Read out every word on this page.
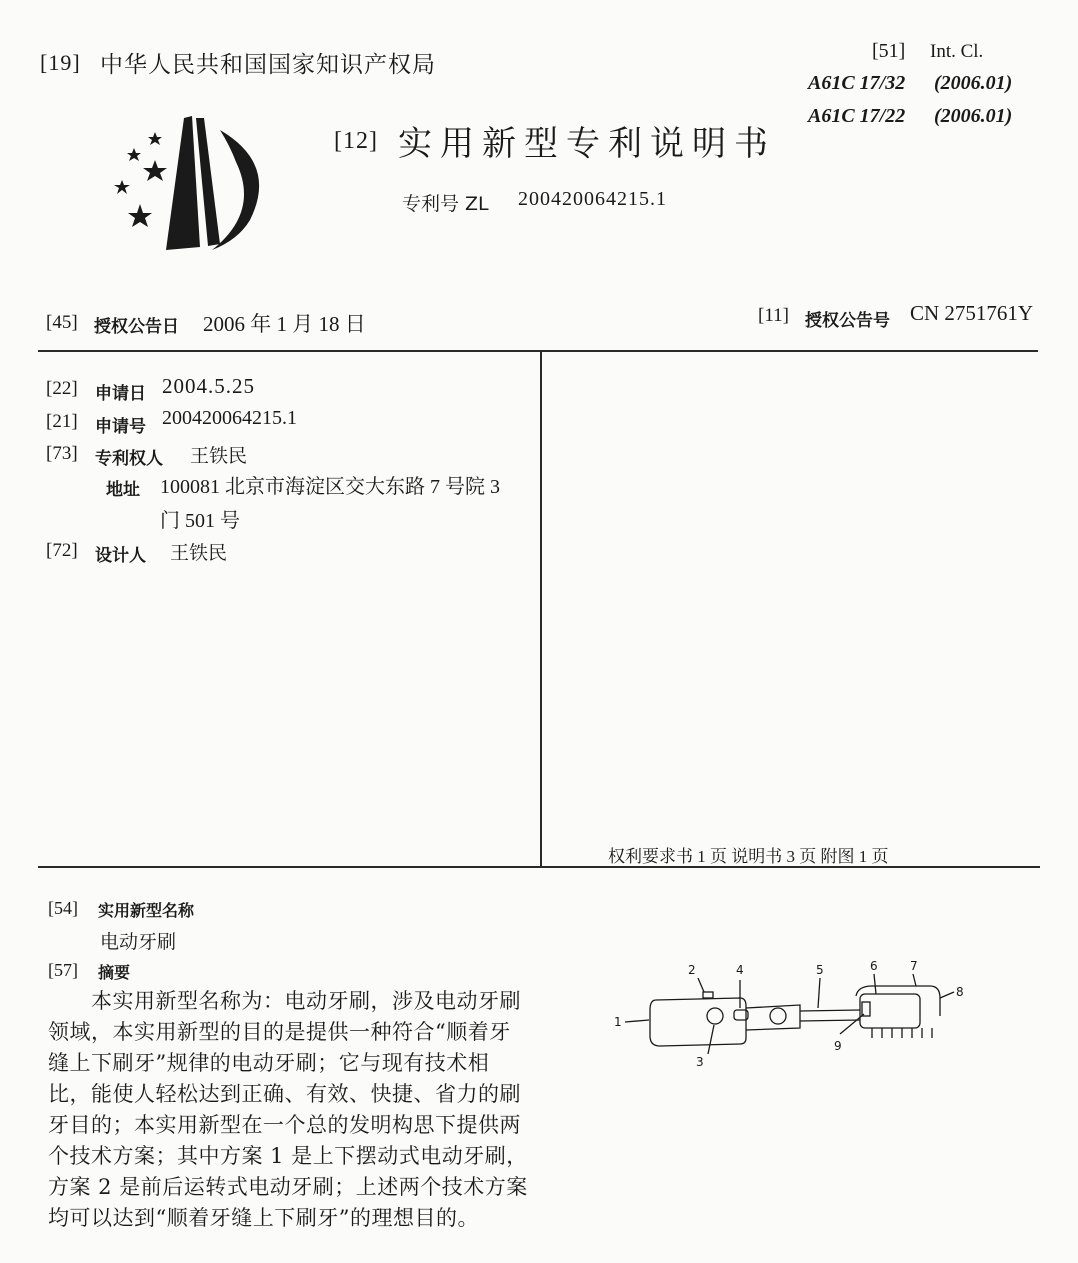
[19] 中华人民共和国国家知识产权局
[12] 实用新型专利说明书
专利号 ZL 200420064215.1
[51] Int. Cl.
A61C 17/32 (2006.01)
A61C 17/22 (2006.01)
[45] 授权公告日 2006 年 1 月 18 日	[11] 授权公告号 CN 2751761Y
[22] 申请日 2004.5.25
[21] 申请号 200420064215.1
[73] 专利权人 王铁民
地址 100081 北京市海淀区交大东路 7 号院 3
门 501 号
[72] 设计人 王铁民
权利要求书 1 页 说明书 3 页 附图 1 页
[54] 实用新型名称
电动牙刷
[57] 摘要
　　本实用新型名称为：电动牙刷，涉及电动牙刷
领域，本实用新型的目的是提供一种符合“顺着牙
缝上下刷牙”规律的电动牙刷；它与现有技术相
比，能使人轻松达到正确、有效、快捷、省力的刷
牙目的；本实用新型在一个总的发明构思下提供两
个技术方案；其中方案 1 是上下摆动式电动牙刷，
方案 2 是前后运转式电动牙刷；上述两个技术方案
均可以达到“顺着牙缝上下刷牙”的理想目的。
1
2
3
4	5	6	7
8
9
